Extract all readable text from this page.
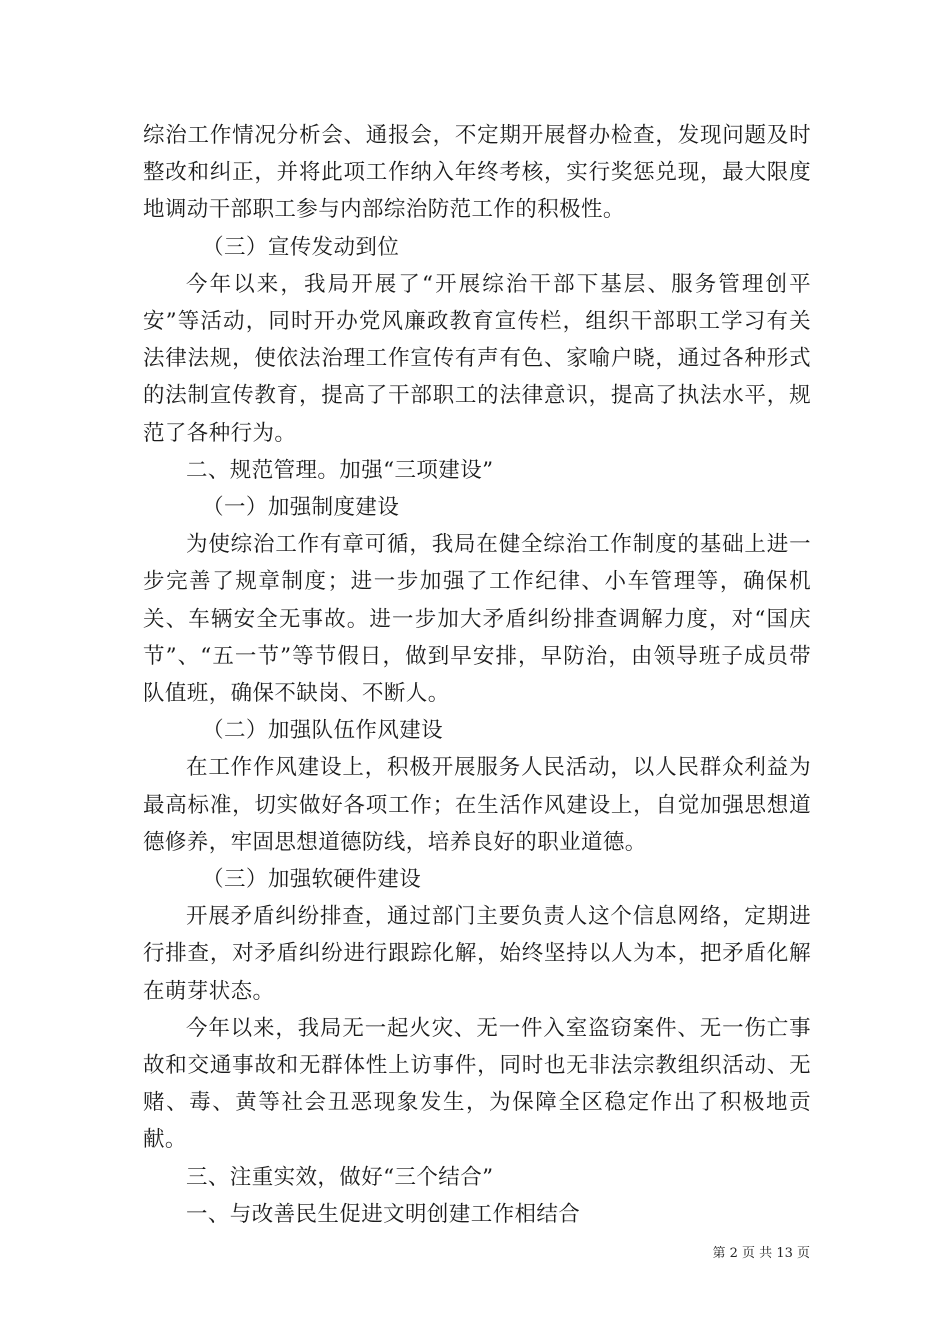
综治工作情况分析会、通报会，不定期开展督办检查，发现问题及时整改和纠正，并将此项工作纳入年终考核，实行奖惩兑现，最大限度地调动干部职工参与内部综治防范工作的积极性。

（三）宣传发动到位

今年以来，我局开展了“开展综治干部下基层、服务管理创平安”等活动，同时开办党风廉政教育宣传栏，组织干部职工学习有关法律法规，使依法治理工作宣传有声有色、家喻户晓，通过各种形式的法制宣传教育，提高了干部职工的法律意识，提高了执法水平，规范了各种行为。

二、规范管理。加强“三项建设”

（一）加强制度建设

为使综治工作有章可循，我局在健全综治工作制度的基础上进一步完善了规章制度；进一步加强了工作纪律、小车管理等，确保机关、车辆安全无事故。进一步加大矛盾纠纷排查调解力度，对“国庆节”、“五一节”等节假日，做到早安排，早防治，由领导班子成员带队值班，确保不缺岗、不断人。

（二）加强队伍作风建设

在工作作风建设上，积极开展服务人民活动，以人民群众利益为最高标准，切实做好各项工作；在生活作风建设上，自觉加强思想道德修养，牢固思想道德防线，培养良好的职业道德。

（三）加强软硬件建设

开展矛盾纠纷排查，通过部门主要负责人这个信息网络，定期进行排查，对矛盾纠纷进行跟踪化解，始终坚持以人为本，把矛盾化解在萌芽状态。

今年以来，我局无一起火灾、无一件入室盗窃案件、无一伤亡事故和交通事故和无群体性上访事件，同时也无非法宗教组织活动、无赌、毒、黄等社会丑恶现象发生，为保障全区稳定作出了积极地贡献。

三、注重实效，做好“三个结合”

一、与改善民生促进文明创建工作相结合

第 2 页 共 13 页
